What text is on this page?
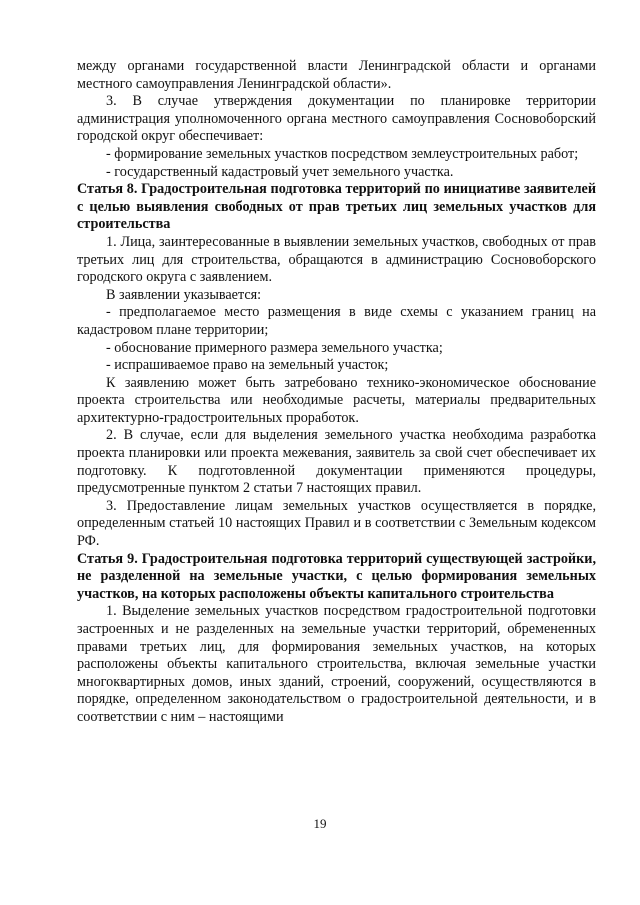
между органами государственной власти Ленинградской области и органами местного самоуправления Ленинградской области».

3. В случае утверждения документации по планировке территории администрация уполномоченного органа местного самоуправления Сосновоборский городской округ обеспечивает:

- формирование земельных участков посредством землеустроительных работ;

- государственный кадастровый учет земельного участка.

Статья 8. Градостроительная подготовка территорий по инициативе заявителей с целью выявления свободных от прав третьих лиц земельных участков для строительства

1. Лица, заинтересованные в выявлении земельных участков, свободных от прав третьих лиц для строительства, обращаются в администрацию Сосновоборского городского округа с заявлением.

В заявлении указывается:

- предполагаемое место размещения в виде схемы с указанием границ на кадастровом плане территории;

- обоснование примерного размера земельного участка;

- испрашиваемое право на земельный участок;

К заявлению может быть затребовано технико-экономическое обоснование проекта строительства или необходимые расчеты, материалы предварительных архитектурно-градостроительных проработок.

2. В случае, если для выделения земельного участка необходима разработка проекта планировки или проекта межевания, заявитель за свой счет обеспечивает их подготовку. К подготовленной документации применяются процедуры, предусмотренные пунктом 2 статьи 7 настоящих правил.

3. Предоставление лицам земельных участков осуществляется в порядке, определенным статьей 10 настоящих Правил и в соответствии с Земельным кодексом РФ.

Статья 9. Градостроительная подготовка территорий существующей застройки, не разделенной на земельные участки, с целью формирования земельных участков, на которых расположены объекты капитального строительства

1. Выделение земельных участков посредством градостроительной подготовки застроенных и не разделенных на земельные участки территорий, обремененных правами третьих лиц, для формирования земельных участков, на которых расположены объекты капитального строительства, включая земельные участки многоквартирных домов, иных зданий, строений, сооружений, осуществляются в порядке, определенном законодательством о градостроительной деятельности, и в соответствии с ним – настоящими

19
